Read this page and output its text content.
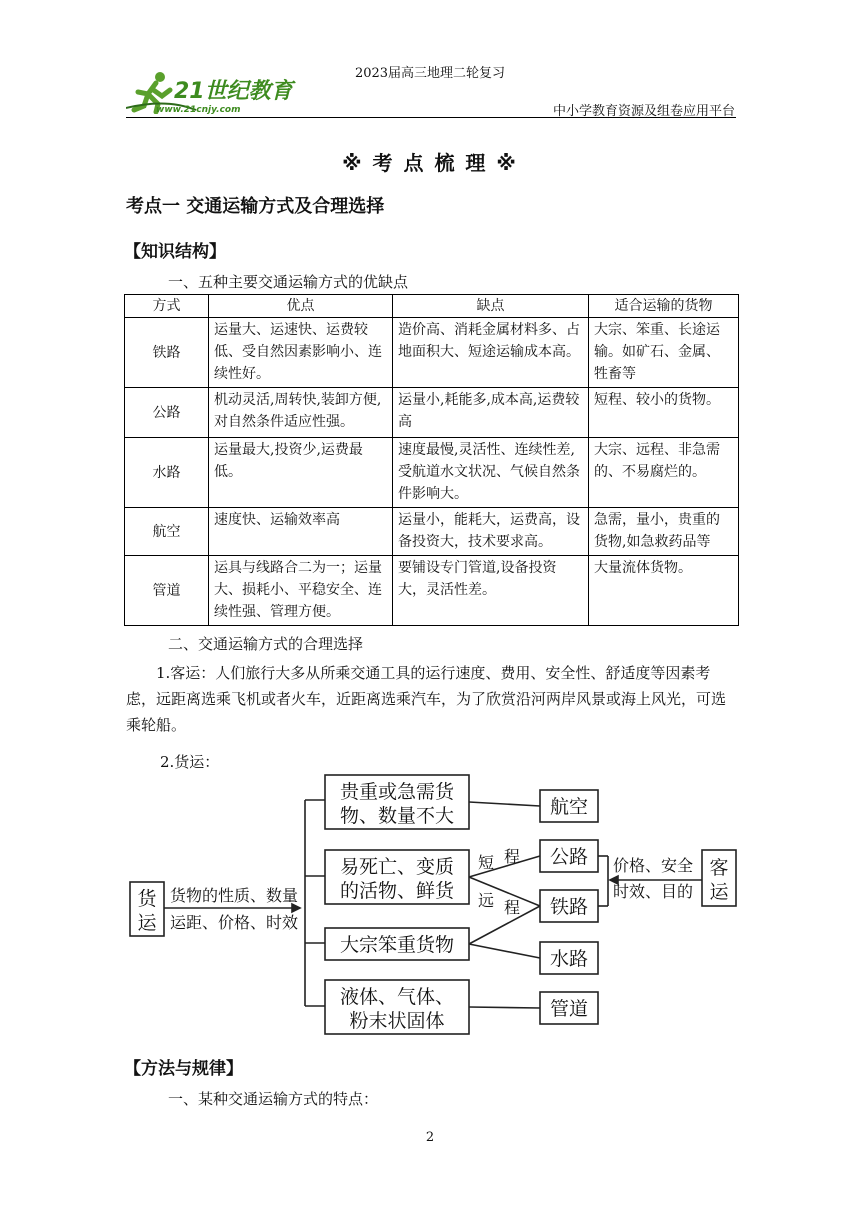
21世纪教育
www.21cnjy.com
2023届高三地理二轮复习
中小学教育资源及组卷应用平台
※ 考 点 梳 理 ※
考点一 交通运输方式及合理选择
【知识结构】
一、五种主要交通运输方式的优缺点
方式	优点	缺点	适合运输的货物
铁路	运量大、运速快、运费较低、受自然因素影响小、连续性好。	造价高、消耗金属材料多、占地面积大、短途运输成本高。	大宗、笨重、长途运输。如矿石、金属、牲畜等
公路	机动灵活,周转快,装卸方便,对自然条件适应性强。	运量小,耗能多,成本高,运费较高	短程、较小的货物。
水路	运量最大,投资少,运费最低。	速度最慢,灵活性、连续性差,受航道水文状况、气候自然条件影响大。	大宗、远程、非急需的、不易腐烂的。
航空	速度快、运输效率高	运量小，能耗大，运费高，设备投资大，技术要求高。	急需，量小，贵重的货物,如急救药品等
管道	运具与线路合二为一；运量大、损耗小、平稳安全、连续性强、管理方便。	要铺设专门管道,设备投资大，灵活性差。	大量流体货物。
二、交通运输方式的合理选择
1.客运：人们旅行大多从所乘交通工具的运行速度、费用、安全性、舒适度等因素考虑，远距离选乘飞机或者火车，近距离选乘汽车，为了欣赏沿河两岸风景或海上风光，可选乘轮船。
2.货运：
货
运
货物的性质、数量
运距、价格、时效
贵重或急需货
物、数量不大
易死亡、变质
的活物、鲜货
大宗笨重货物
液体、气体、
粉末状固体
短 程
远 程
航空
公路
铁路
水路
管道
价格、安全
时效、目的
客
运
【方法与规律】
一、某种交通运输方式的特点：
2
